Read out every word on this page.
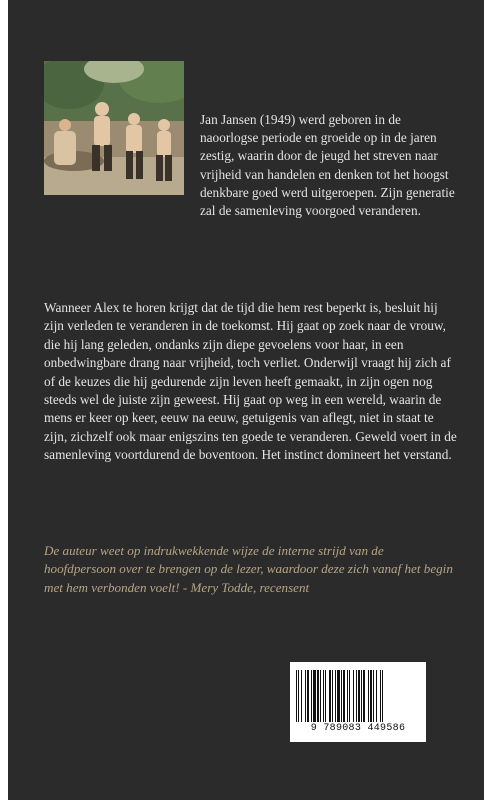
Jan Jansen (1949) werd geboren in de naoorlogse periode en groeide op in de jaren zestig, waarin door de jeugd het streven naar vrijheid van handelen en denken tot het hoogst denkbare goed werd uitgeroepen. Zijn generatie zal de samenleving voorgoed veranderen.

Wanneer Alex te horen krijgt dat de tijd die hem rest beperkt is, besluit hij zijn verleden te veranderen in de toekomst. Hij gaat op zoek naar de vrouw, die hij lang geleden, ondanks zijn diepe gevoelens voor haar, in een onbedwingbare drang naar vrijheid, toch verliet. Onderwijl vraagt hij zich af of de keuzes die hij gedurende zijn leven heeft gemaakt, in zijn ogen nog steeds wel de juiste zijn geweest. Hij gaat op weg in een wereld, waarin de mens er keer op keer, eeuw na eeuw, getuigenis van aflegt, niet in staat te zijn, zichzelf ook maar enigszins ten goede te veranderen. Geweld voert in de samenleving voortdurend de boventoon. Het instinct domineert het verstand.

De auteur weet op indrukwekkende wijze de interne strijd van de hoofdpersoon over te brengen op de lezer, waardoor deze zich vanaf het begin met hem verbonden voelt! - Mery Todde, recensent

9 789083 449586
